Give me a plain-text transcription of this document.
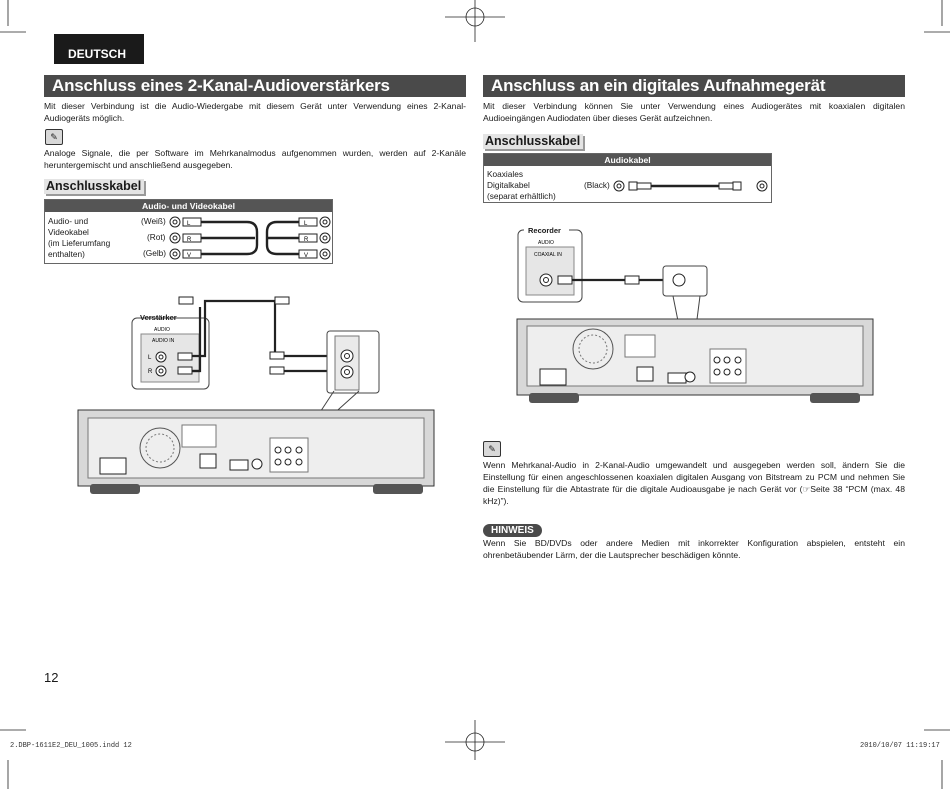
DEUTSCH
Anschluss eines 2-Kanal-Audioverstärkers
Mit dieser Verbindung ist die Audio-Wiedergabe mit diesem Gerät unter Verwendung eines 2-Kanal-Audiogeräts möglich.
✎
Analoge Signale, die per Software im Mehrkanalmodus aufgenommen wurden, werden auf 2-Kanäle heruntergemischt und anschließend ausgegeben.
Anschlusskabel
Audio- und Videokabel
Audio- und
Videokabel
(im Lieferumfang
enthalten)
(Weiß)
(Rot)
(Gelb)
L
R
V
L
R
V
Verstärker
AUDIO
AUDIO IN
L
R
Anschluss an ein digitales Aufnahmegerät
Mit dieser Verbindung können Sie unter Verwendung eines Audiogerätes mit koaxialen digitalen Audioeingängen Audiodaten über dieses Gerät aufzeichnen.
Anschlusskabel
Audiokabel
Koaxiales
Digitalkabel
(separat erhältlich)
(Black)
Recorder
AUDIO
COAXIAL IN
✎
Wenn Mehrkanal-Audio in 2-Kanal-Audio umgewandelt und ausgegeben werden soll, ändern Sie die Einstellung für einen angeschlossenen koaxialen digitalen Ausgang von Bitstream zu PCM und nehmen Sie die Einstellung für die Abtastrate für die digitale Audioausgabe je nach Gerät vor (☞Seite 38 “PCM (max. 48 kHz)”).
HINWEIS
Wenn Sie BD/DVDs oder andere Medien mit inkorrekter Konfiguration abspielen, entsteht ein ohrenbetäubender Lärm, der die Lautsprecher beschädigen könnte.
12
2.DBP-1611E2_DEU_1005.indd 12	2010/10/07 11:19:17
